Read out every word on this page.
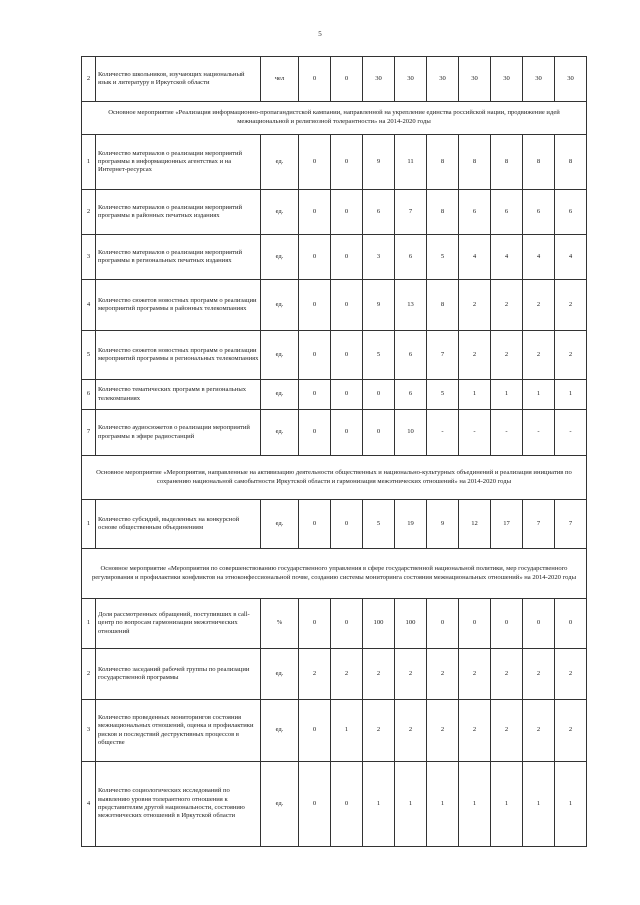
5
2	Количество школьников, изучающих национальный язык и литературу в Иркутской области	чел	0	0	30	30	30	30	30	30	30
Основное мероприятие «Реализация информационно-пропагандистской кампании, направленной на укрепление единства российской нации, продвижение идей межнациональной и религиозной толерантности» на 2014-2020 годы											
1	Количество материалов о реализации мероприятий программы в информационных агентствах и на Интернет-ресурсах	ед.	0	0	9	11	8	8	8	8	8
2	Количество материалов о реализации мероприятий программы в районных печатных изданиях	ед.	0	0	6	7	8	6	6	6	6
3	Количество материалов о реализации мероприятий программы в региональных печатных изданиях	ед.	0	0	3	6	5	4	4	4	4
4	Количество сюжетов новостных программ о реализации мероприятий программы в районных телекомпаниях	ед.	0	0	9	13	8	2	2	2	2
5	Количество сюжетов новостных программ о реализации мероприятий программы в региональных телекомпаниях	ед.	0	0	5	6	7	2	2	2	2
6	Количество тематических программ в региональных телекомпаниях	ед.	0	0	0	6	5	1	1	1	1
7	Количество аудиосюжетов о реализации мероприятий программы в эфире радиостанций	ед.	0	0	0	10	-	-	-	-	-
Основное мероприятие «Мероприятия, направленные на активизацию деятельности общественных и национально-культурных объединений и реализация инициатив по сохранению национальной самобытности Иркутской области и гармонизация межэтнических отношений» на 2014-2020 годы											
1	Количество субсидий, выделенных на конкурсной основе общественным объединениям	ед.	0	0	5	19	9	12	17	7	7
Основное мероприятие «Мероприятия по совершенствованию государственного управления в сфере государственной национальной политики, мер государственного регулирования и профилактики конфликтов на этноконфессиональной почве, созданию системы мониторинга состояния межнациональных отношений» на 2014-2020 годы											
1	Доля рассмотренных обращений, поступивших в call-центр по вопросам гармонизации межэтнических отношений	%	0	0	100	100	0	0	0	0	0
2	Количество заседаний рабочей группы по реализации государственной программы	ед.	2	2	2	2	2	2	2	2	2
3	Количество проведенных мониторингов состояния межнациональных отношений, оценка и профилактики рисков и последствий деструктивных процессов в обществе	ед.	0	1	2	2	2	2	2	2	2
4	Количество социологических исследований по выявлению уровня толерантного отношения к представителям другой национальности, состоянию межэтнических отношений в Иркутской области	ед.	0	0	1	1	1	1	1	1	1
